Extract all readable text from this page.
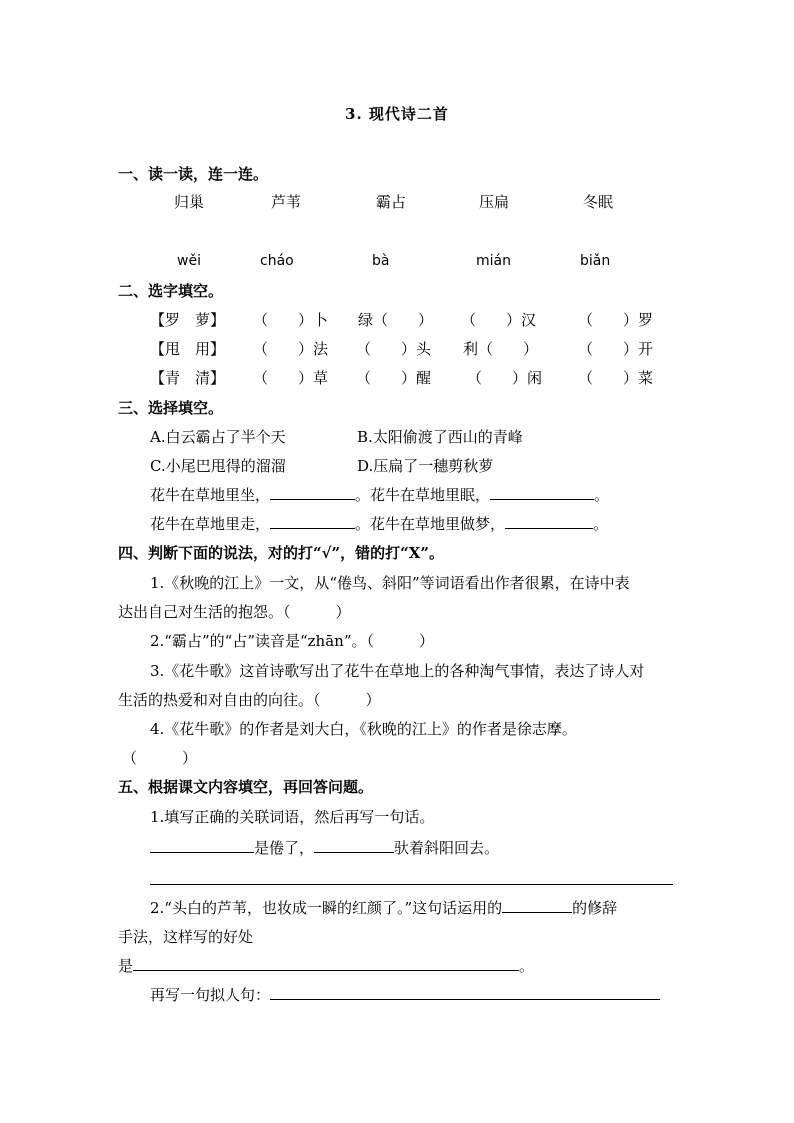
3. 现代诗二首
一、读一读，连一连。
归巢	芦苇	霸占	压扁	冬眠
wěi	cháo	bà	mián	biǎn
二、选字填空。
【罗　萝】 （　　）卜 绿（　　） （　　）汉	（　　）罗
【甩　用】 （　　）法 （　　）头 利（　　）	（　　）开
【青　清】 （　　）草 （　　）醒 （　　）闲 （　　）菜
三、选择填空。
A.白云霸占了半个天	B.太阳偷渡了西山的青峰
C.小尾巴甩得的溜溜	D.压扁了一穗剪秋萝
花牛在草地里坐，	。花牛在草地里眠，	。
花牛在草地里走，	。花牛在草地里做梦，	。
四、判断下面的说法，对的打“√”，错的打“X”。
1.《秋晚的江上》一文，从“倦鸟、斜阳”等词语看出作者很累，在诗中表
达出自己对生活的抱怨。（　　　）
2.“霸占”的“占”读音是“zhān”。（　　　）
3.《花牛歌》这首诗歌写出了花牛在草地上的各种淘气事情，表达了诗人对
生活的热爱和对自由的向往。（　　　）
4.《花牛歌》的作者是刘大白，《秋晚的江上》的作者是徐志摩。
（　　　）
五、根据课文内容填空，再回答问题。
1.填写正确的关联词语，然后再写一句话。
是倦了，	驮着斜阳回去。
2.“头白的芦苇，也妆成一瞬的红颜了。”这句话运用的	的修辞
手法，这样写的好处
是	。
再写一句拟人句：
